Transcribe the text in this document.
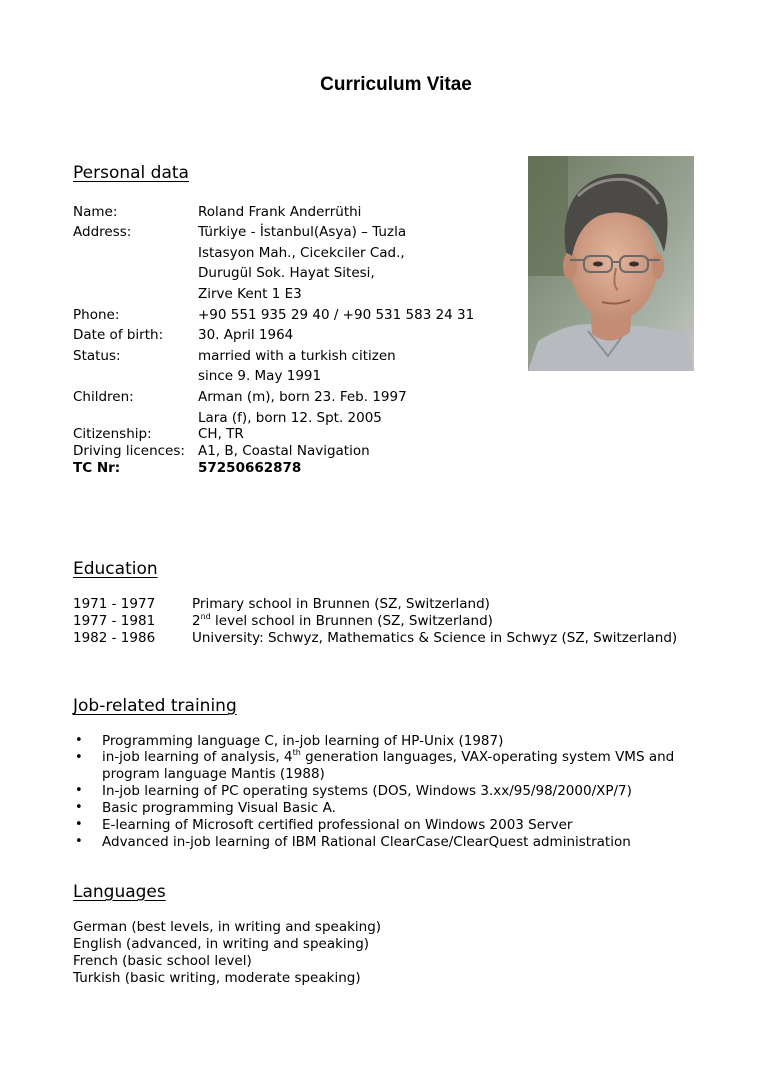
Curriculum Vitae
Personal data
Name:	Roland Frank Anderrüthi
Address:	Türkiye - İstanbul(Asya) – Tuzla
Istasyon Mah., Cicekciler Cad.,
Durugül Sok. Hayat Sitesi,
Zirve Kent 1 E3
Phone:	+90 551 935 29 40 / +90 531 583 24 31
Date of birth:	30. April 1964
Status:	married with a turkish citizen
since 9. May 1991
Children:	Arman (m), born 23. Feb. 1997
Lara (f), born 12. Spt. 2005
Citizenship:	CH, TR
Driving licences: A1, B, Coastal Navigation
TC Nr:	57250662878
Education
1971 - 1977	Primary school in Brunnen (SZ, Switzerland)
1977 - 1981	2nd level school in Brunnen (SZ, Switzerland)
1982 - 1986	University: Schwyz, Mathematics & Science in Schwyz (SZ, Switzerland)
Job-related training
• Programming language C, in-job learning of HP-Unix (1987)
• in-job learning of analysis, 4th generation languages, VAX-operating system VMS and program language Mantis (1988)
• In-job learning of PC operating systems (DOS, Windows 3.xx/95/98/2000/XP/7)
• Basic programming Visual Basic A.
• E-learning of Microsoft certified professional on Windows 2003 Server
• Advanced in-job learning of IBM Rational ClearCase/ClearQuest administration
Languages
German (best levels, in writing and speaking)
English (advanced, in writing and speaking)
French (basic school level)
Turkish (basic writing, moderate speaking)
